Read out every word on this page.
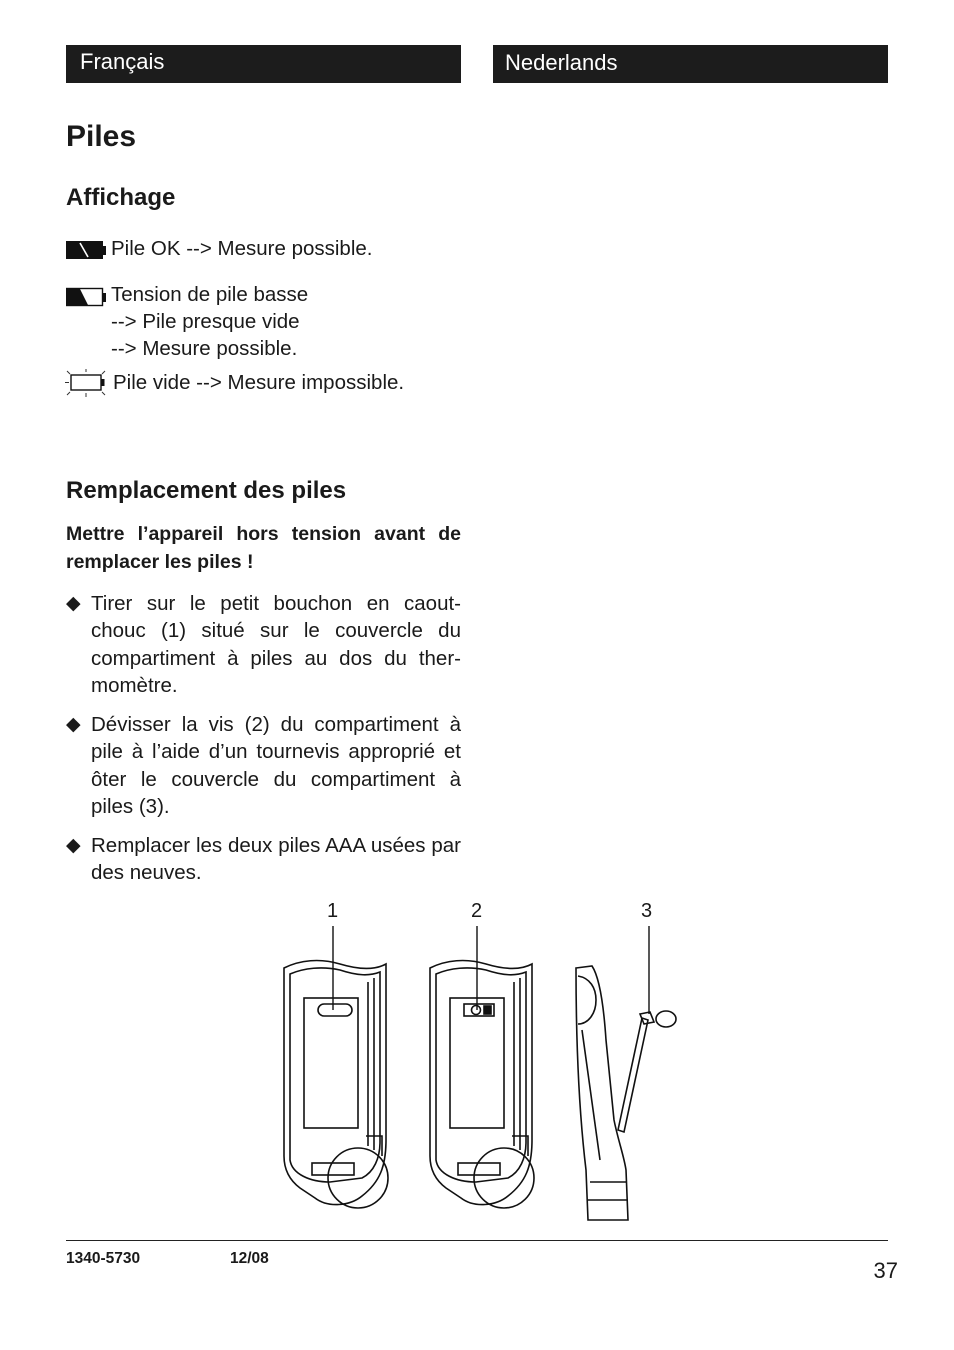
Français	Nederlands
Piles
Affichage
Pile OK --> Mesure possible.
Tension de pile basse
--> Pile presque vide
--> Mesure possible.
Pile vide --> Mesure impossible.
Remplacement des piles

Mettre l’appareil hors tension avant de remplacer les piles !

◆ Tirer sur le petit bouchon en caout-chouc (1) situé sur le couvercle du compartiment à piles au dos du ther-momètre.
◆ Dévisser la vis (2) du compartiment à pile à l’aide d’un tournevis approprié et ôter le couvercle du compartiment à piles (3).
◆ Remplacer les deux piles AAA usées par des neuves.
1	2	3
1340-5730	12/08	37
